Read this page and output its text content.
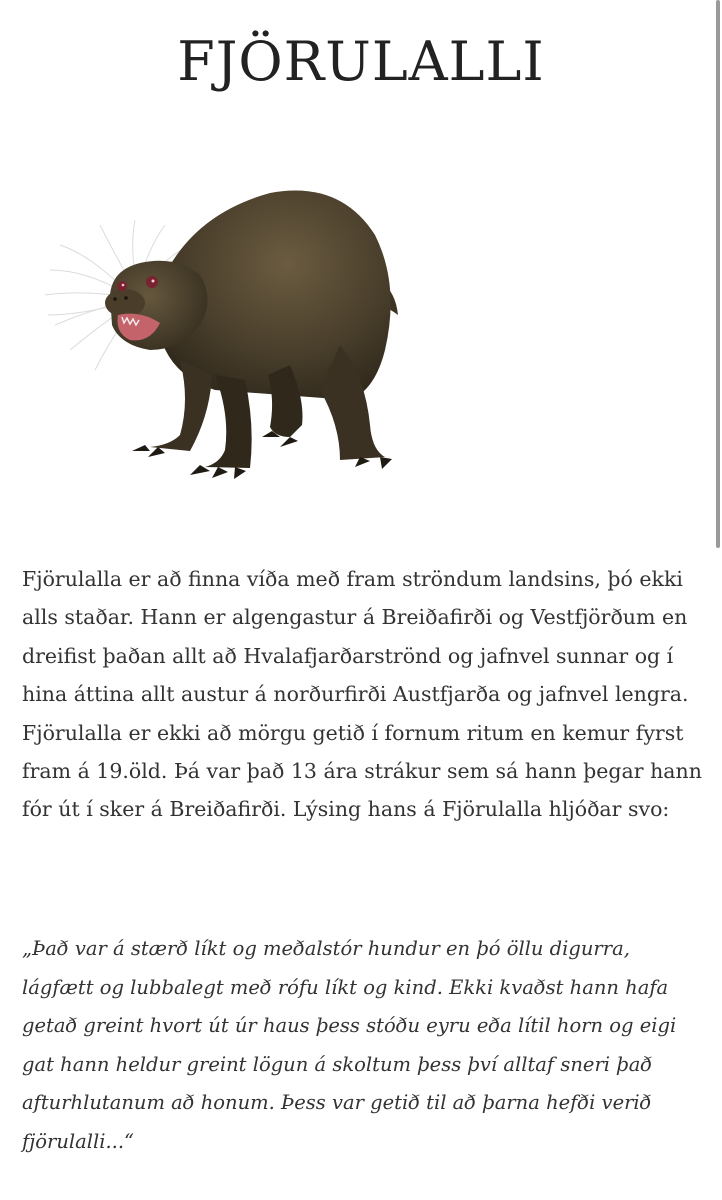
FJÖRULALLI

Fjörulalla er að finna víða með fram ströndum landsins, þó ekki alls staðar. Hann er algengastur á Breiðafirði og Vestfjörðum en dreifist þaðan allt að Hvalafjarðarströnd og jafnvel sunnar og í hina áttina allt austur á norðurfirði Austfjarða og jafnvel lengra. Fjörulalla er ekki að mörgu getið í fornum ritum en kemur fyrst fram á 19.öld. Þá var það 13 ára strákur sem sá hann þegar hann fór út í sker á Breiðafirði. Lýsing hans á Fjörulalla hljóðar svo:

„Það var á stærð líkt og meðalstór hundur en þó öllu digurra, lágfætt og lubbalegt með rófu líkt og kind. Ekki kvaðst hann hafa getað greint hvort út úr haus þess stóðu eyru eða lítil horn og eigi gat hann heldur greint lögun á skoltum þess því alltaf sneri það afturhlutanum að honum. Þess var getið til að þarna hefði verið fjörulalli...“
